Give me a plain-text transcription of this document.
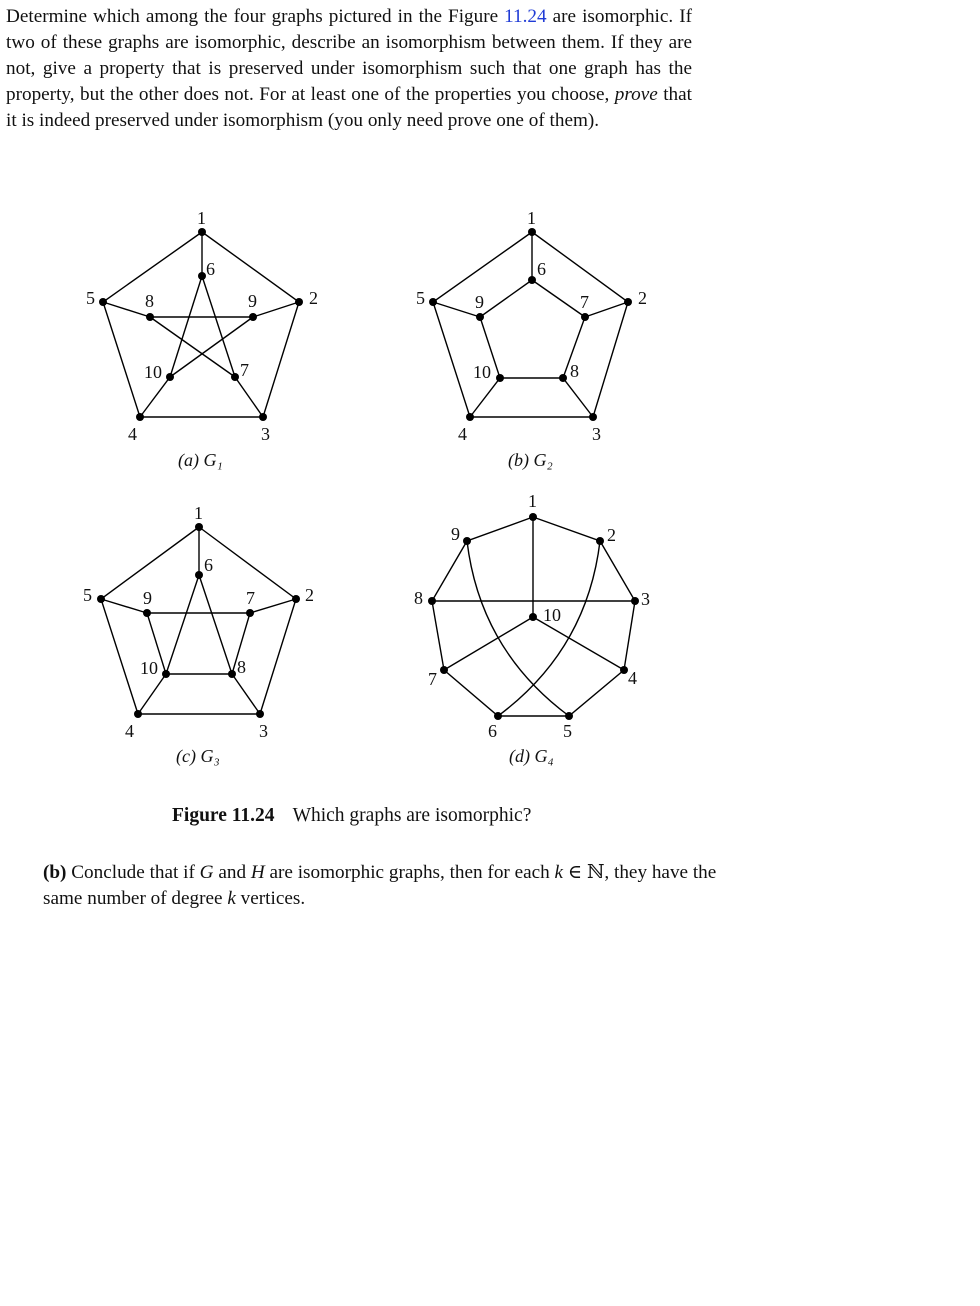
Determine which among the four graphs pictured in the Figure 11.24 are isomorphic. If two of these graphs are isomorphic, describe an isomorphism between them. If they are not, give a property that is preserved under isomorphism such that one graph has the property, but the other does not. For at least one of the properties you choose, prove that it is indeed preserved under isomorphism (you only need prove one of them).
1
2
3
4
5
6
7
8	9
10
(a) G₁
1
2
3
4
5
6
7
8
9
10
(b) G₂
1
2
3
4
5
6
7
8
9
10
(c) G₃
1
2
3
4
5
6
7
8
9
10
(d) G₄
Figure 11.24 Which graphs are isomorphic?
(b) Conclude that if G and H are isomorphic graphs, then for each k ∈ ℕ, they have the same number of degree k vertices.
